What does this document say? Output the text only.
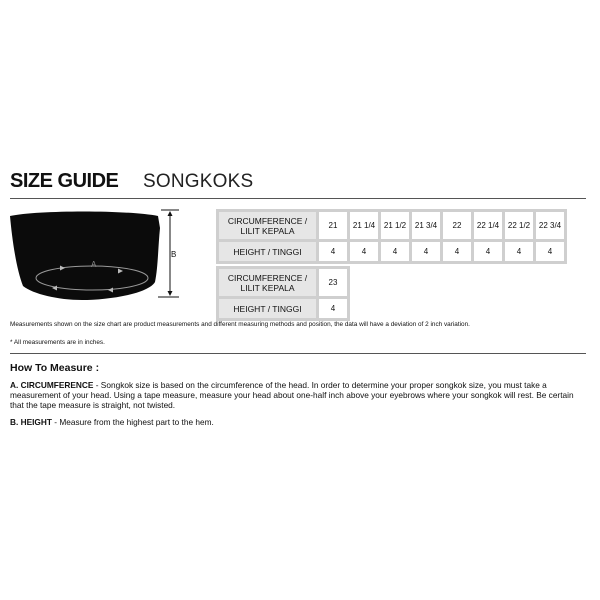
SIZE GUIDE SONGKOKS
A
B
CIRCUMFERENCE /
LILIT KEPALA	21	21 1/4	21 1/2	21 3/4	22	22 1/4	22 1/2	22 3/4
HEIGHT / TINGGI	4	4	4	4	4	4	4	4
CIRCUMFERENCE /
LILIT KEPALA	23
HEIGHT / TINGGI	4
Measurements shown on the size chart are product measurements and different measuring methods and position, the data will have a deviation of 2 inch variation.
* All measurements are in inches.
How To Measure :
A. CIRCUMFERENCE - Songkok size is based on the circumference of the head. In order to determine your proper songkok size, you must take a measurement of your head. Using a tape measure, measure your head about one-half inch above your eyebrows where your songkok will rest. Be certain that the tape measure is straight, not twisted.
B. HEIGHT - Measure from the highest part to the hem.
